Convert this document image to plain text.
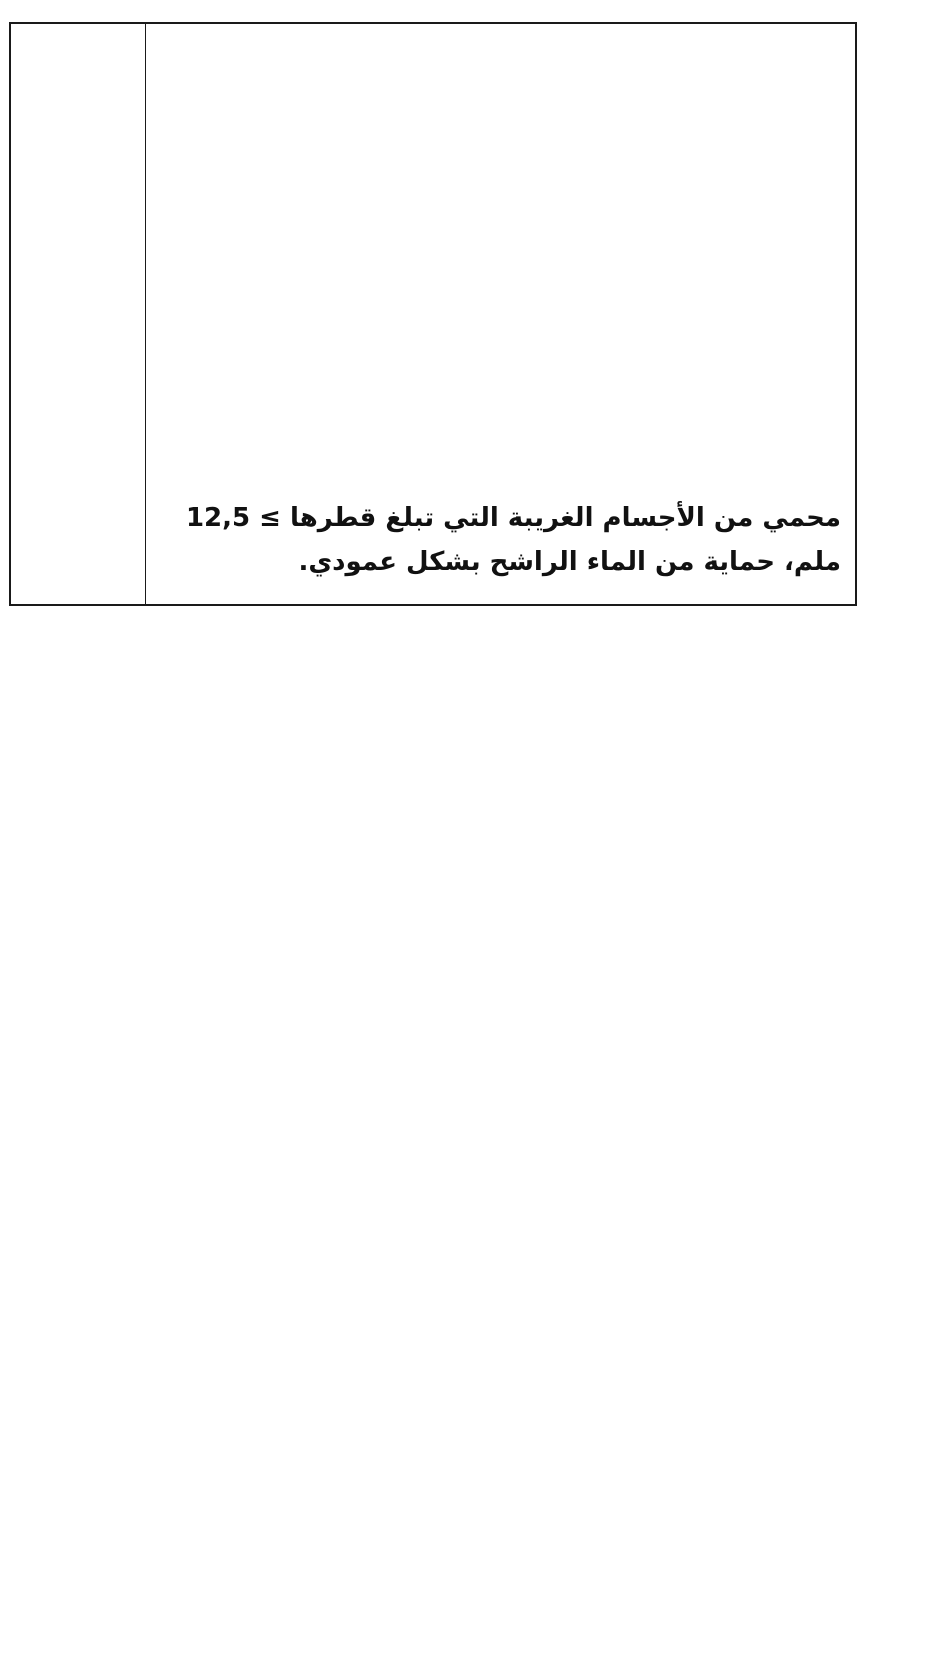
محمي من الأجسام الغريبة التي تبلغ قطرها ≥ 12,5
ملم، حماية من الماء الراشح بشكل عمودي.
